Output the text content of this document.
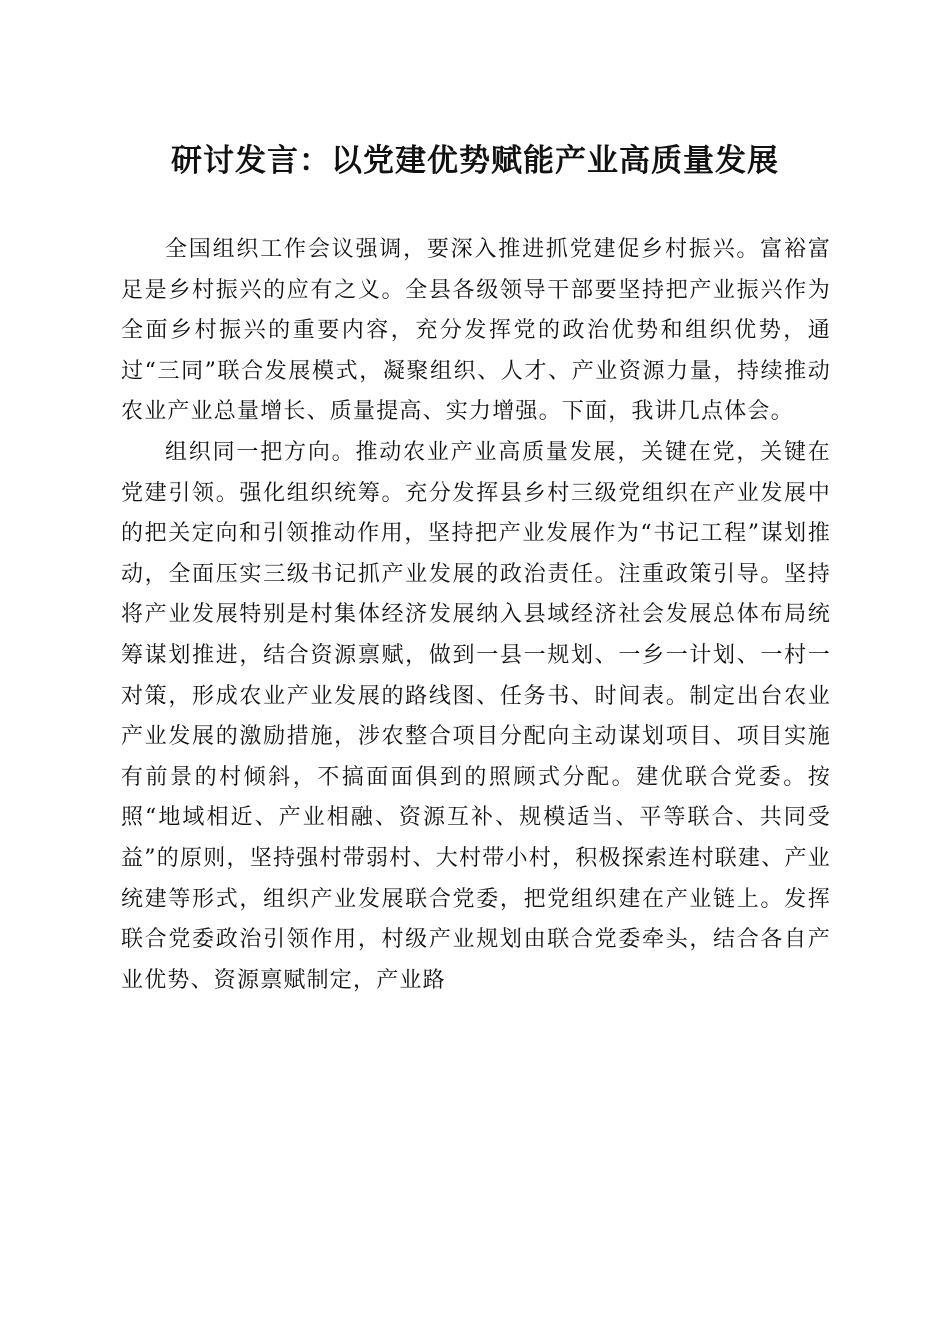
研讨发言：以党建优势赋能产业高质量发展

全国组织工作会议强调，要深入推进抓党建促乡村振兴。富裕富足是乡村振兴的应有之义。全县各级领导干部要坚持把产业振兴作为全面乡村振兴的重要内容，充分发挥党的政治优势和组织优势，通过“三同”联合发展模式，凝聚组织、人才、产业资源力量，持续推动农业产业总量增长、质量提高、实力增强。下面，我讲几点体会。

组织同一把方向。推动农业产业高质量发展，关键在党，关键在党建引领。强化组织统筹。充分发挥县乡村三级党组织在产业发展中的把关定向和引领推动作用，坚持把产业发展作为“书记工程”谋划推动，全面压实三级书记抓产业发展的政治责任。注重政策引导。坚持将产业发展特别是村集体经济发展纳入县域经济社会发展总体布局统筹谋划推进，结合资源禀赋，做到一县一规划、一乡一计划、一村一对策，形成农业产业发展的路线图、任务书、时间表。制定出台农业产业发展的激励措施，涉农整合项目分配向主动谋划项目、项目实施有前景的村倾斜，不搞面面俱到的照顾式分配。建优联合党委。按照“地域相近、产业相融、资源互补、规模适当、平等联合、共同受益”的原则，坚持强村带弱村、大村带小村，积极探索连村联建、产业统建等形式，组织产业发展联合党委，把党组织建在产业链上。发挥联合党委政治引领作用，村级产业规划由联合党委牵头，结合各自产业优势、资源禀赋制定，产业路
